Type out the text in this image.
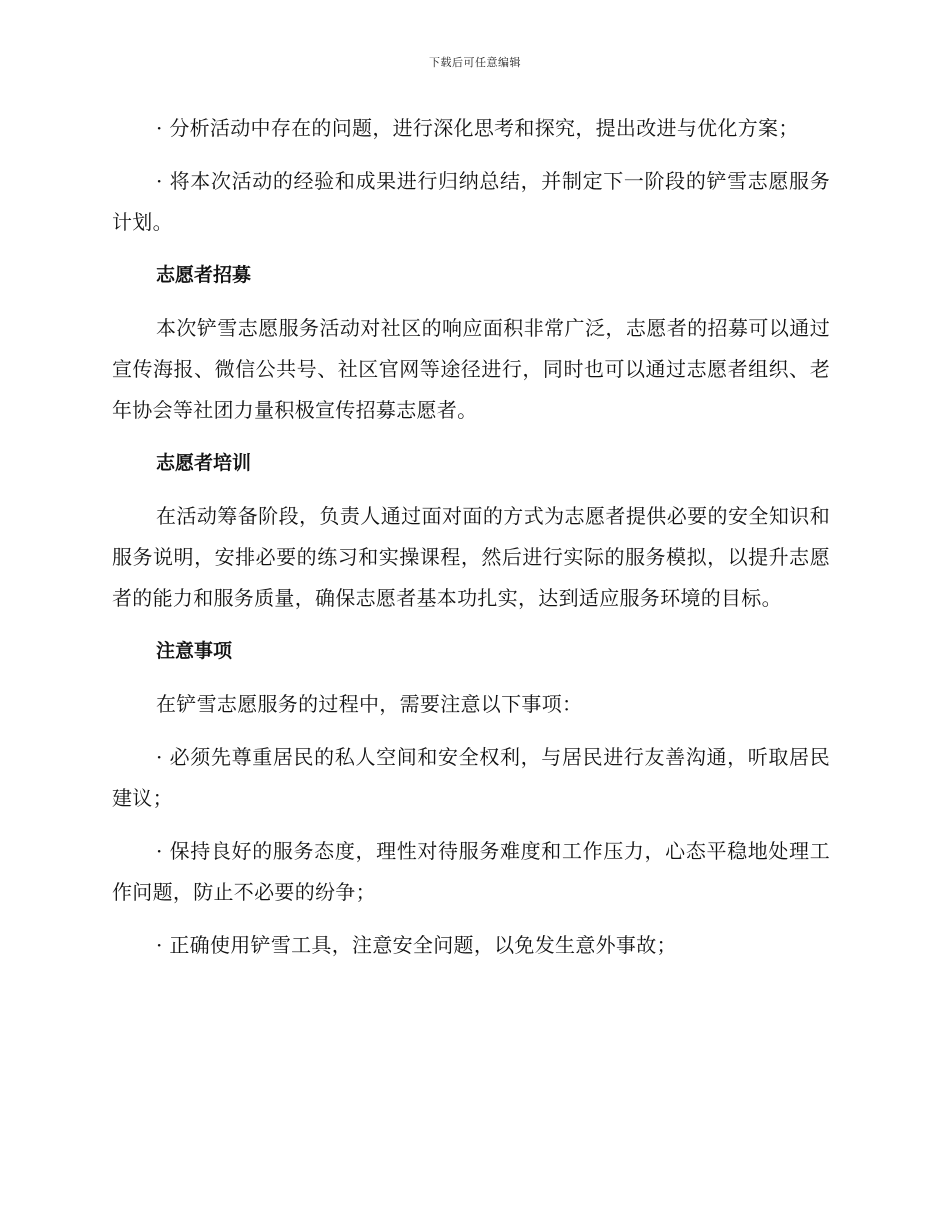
下载后可任意编辑

· 分析活动中存在的问题，进行深化思考和探究，提出改进与优化方案；

· 将本次活动的经验和成果进行归纳总结，并制定下一阶段的铲雪志愿服务计划。

志愿者招募

本次铲雪志愿服务活动对社区的响应面积非常广泛，志愿者的招募可以通过宣传海报、微信公共号、社区官网等途径进行，同时也可以通过志愿者组织、老年协会等社团力量积极宣传招募志愿者。

志愿者培训

在活动筹备阶段，负责人通过面对面的方式为志愿者提供必要的安全知识和服务说明，安排必要的练习和实操课程，然后进行实际的服务模拟，以提升志愿者的能力和服务质量，确保志愿者基本功扎实，达到适应服务环境的目标。

注意事项

在铲雪志愿服务的过程中，需要注意以下事项：

· 必须先尊重居民的私人空间和安全权利，与居民进行友善沟通，听取居民建议；

· 保持良好的服务态度，理性对待服务难度和工作压力，心态平稳地处理工作问题，防止不必要的纷争；

· 正确使用铲雪工具，注意安全问题，以免发生意外事故；
